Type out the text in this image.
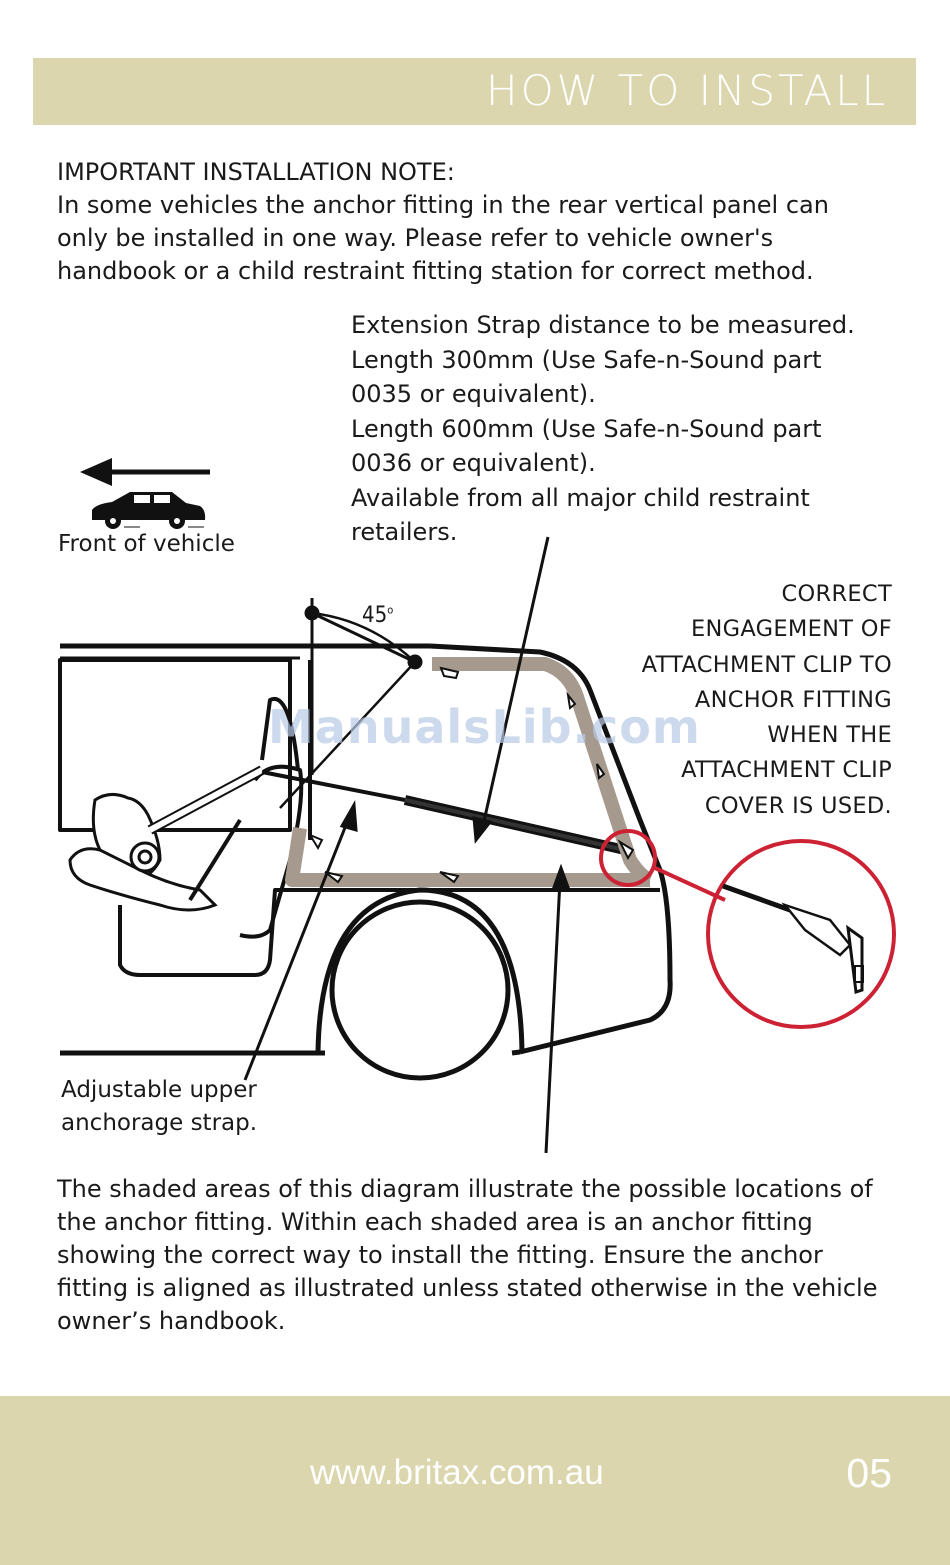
HOW TO INSTALL
IMPORTANT INSTALLATION NOTE:
In some vehicles the anchor fitting in the rear vertical panel can
only be installed in one way. Please refer to vehicle owner's
handbook or a child restraint fitting station for correct method.
Extension Strap distance to be measured.
Length 300mm (Use Safe-n-Sound part
0035 or equivalent).
Length 600mm (Use Safe-n-Sound part
0036 or equivalent).
Available from all major child restraint
retailers.
Front of vehicle
45$^o$
CORRECT
ENGAGEMENT OF
ATTACHMENT CLIP TO
ANCHOR FITTING
WHEN THE
ATTACHMENT CLIP
COVER IS USED.
ManualsLib.com
Adjustable upper
anchorage strap.
The shaded areas of this diagram illustrate the possible locations of
the anchor fitting. Within each shaded area is an anchor fitting
showing the correct way to install the fitting. Ensure the anchor
fitting is aligned as illustrated unless stated otherwise in the vehicle
owner’s handbook.
www.britax.com.au	05
